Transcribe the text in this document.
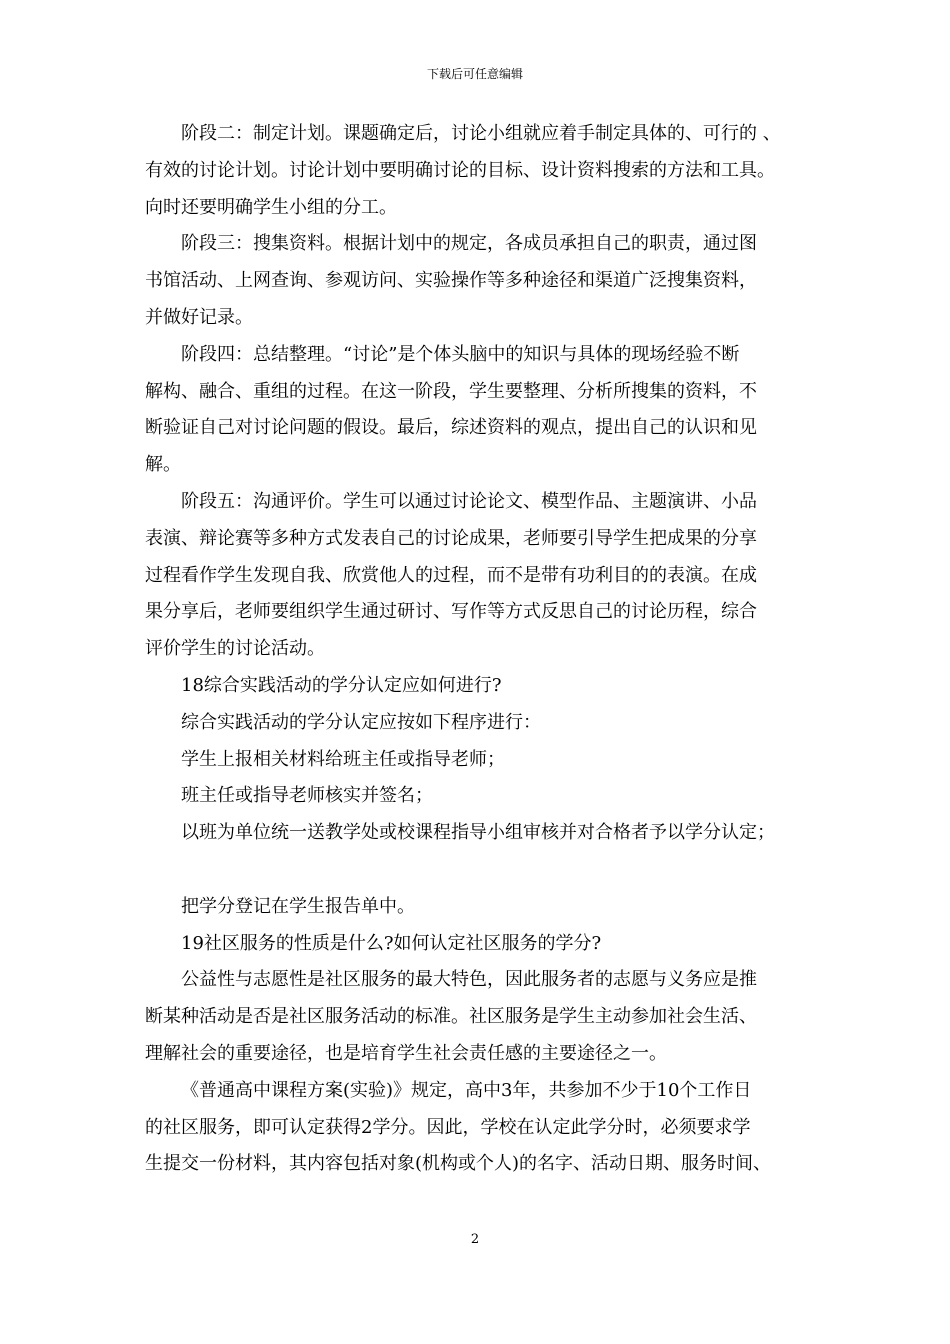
下载后可任意编辑
阶段二：制定计划。课题确定后，讨论小组就应着手制定具体的、可行的 、
有效的讨论计划。讨论计划中要明确讨论的目标、设计资料搜索的方法和工具。
向时还要明确学生小组的分工。
阶段三：搜集资料。根据计划中的规定，各成员承担自己的职责，通过图
书馆活动、上网查询、参观访问、实验操作等多种途径和渠道广泛搜集资料，
并做好记录。
阶段四：总结整理。“讨论”是个体头脑中的知识与具体的现场经验不断
解构、融合、重组的过程。在这一阶段，学生要整理、分析所搜集的资料，不
断验证自己对讨论问题的假设。最后，综述资料的观点，提出自己的认识和见
解。
阶段五：沟通评价。学生可以通过讨论论文、模型作品、主题演讲、小品
表演、辩论赛等多种方式发表自己的讨论成果，老师要引导学生把成果的分享
过程看作学生发现自我、欣赏他人的过程，而不是带有功利目的的表演。在成
果分享后，老师要组织学生通过研讨、写作等方式反思自己的讨论历程，综合
评价学生的讨论活动。
18综合实践活动的学分认定应如何进行?
综合实践活动的学分认定应按如下程序进行：
学生上报相关材料给班主任或指导老师；
班主任或指导老师核实并签名；
以班为单位统一送教学处或校课程指导小组审核并对合格者予以学分认定；
把学分登记在学生报告单中。
19社区服务的性质是什么?如何认定社区服务的学分?
公益性与志愿性是社区服务的最大特色，因此服务者的志愿与义务应是推
断某种活动是否是社区服务活动的标准。社区服务是学生主动参加社会生活、
理解社会的重要途径，也是培育学生社会责任感的主要途径之一。
《普通高中课程方案(实验)》规定，高中3年，共参加不少于10个工作日
的社区服务，即可认定获得2学分。因此，学校在认定此学分时，必须要求学
生提交一份材料，其内容包括对象(机构或个人)的名字、活动日期、服务时间、
2
